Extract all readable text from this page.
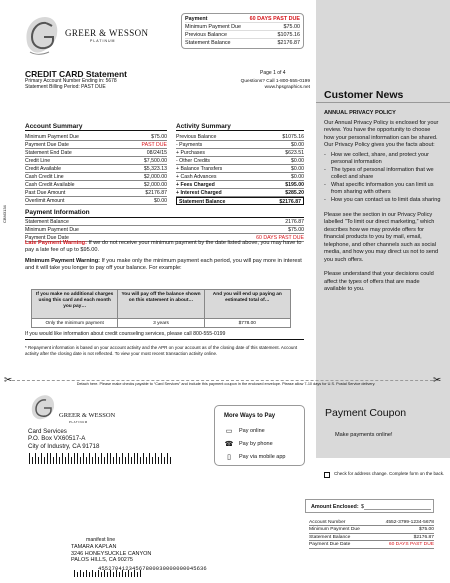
GREER & WESSON
PLATINUM
Payment	60 DAYS PAST DUE
Minimum Payment Due	$75.00
Previous Balance	$1075.16
Statement Balance	$2176.87
CREDIT CARD Statement
Primary Account Number Ending in: 5678
Statement Billing Period: PAST DUE
Page 1 of 4
Questions? Call 1-800-555-0199
www.hpsgraphics.net
Account Summary
Minimum Payment Due	$75.00
Payment Due Date	PAST DUE
Statement End Date	08/24/15
Credit Line	$7,500.00
Credit Available	$5,323.13
Cash Credit Line	$2,000.00
Cash Credit Available	$2,000.00
Past Due Amount	$2176.87
Overlimit Amount	$0.00
Activity Summary
Previous Balance	$1075.16
- Payments	$0.00
+ Purchases	$623.51
- Other Credits	$0.00
+ Balance Transfers	$0.00
+ Cash Advances	$0.00
+ Fees Charged	$195.00
+ Interest Charged	$285.20
Statement Balance	$2176.87
Payment Information
Statement Balance	2176.87
Minimum Payment Due	$75.00
Payment Due Date	60 DAYS PAST DUE

Late Payment Warning: If we do not receive your minimum payment by the date listed above, you may have to pay a late fee of up to $95.00.

Minimum Payment Warning: If you make only the minimum payment each period, you will pay more in interest and it will take you longer to pay off your balance. For example:

If you make no additional charges using this card and each month you pay…
You will pay off the balance shown on this statement in about…
And you will end up paying an estimated total of…
Only the minimum payment	3 years	$778.00
If you would like information about credit counseling services, please call 800-555-0199
* Repayment information is based on your account activity and the APR on your account as of the closing date of this statement. Account activity after the closing date is not reflected. To view your most recent transaction activity online.
Customer News

ANNUAL PRIVACY POLICY

Our Annual Privacy Policy is enclosed for your review. You have the opportunity to choose how your personal information can be shared. Our Privacy Policy gives you the facts about:

- How we collect, share, and protect your personal information
- The types of personal information that we collect and share
- What specific information you can limit us from sharing with others
- How you can contact us to limit data sharing

Please see the section in our Privacy Policy labelled “To limit our direct marketing,” which describes how we may provide offers for financial products to you by mail, email, telephone, and other channels such as social media, and how you may direct us not to send you such offers.

Please understand that your decisions could affect the types of offers that are made available to you.

✂	Detach here. Please make checks payable to “Card Services” and include this payment coupon in the enclosed envelope. Please allow 7-10 days for U.S. Postal Service delivery.	✂
GREER & WESSON
PLATINUM
Card Services
P.O. Box VX60517-A
City of Industry, CA 91718
More Ways to Pay
▭	Pay online
☎ Pay by phone
▯	Pay via mobile app
Payment Coupon
Make payments online!
Check for address change. Complete form on the back.
Amount Enclosed: $
Account Number	4552-3799-1234-5678
Minimum Payment Due	$75.00
Statement Balance	$2176.87
Payment Due Date	60 DAYS PAST DUE
manifest line
TAMARA KAPLAN
3246 HONEYSUCKLE CANYON
PALOS HILLS, CA 90275
45527041234567800030000000045636
CBM3134
